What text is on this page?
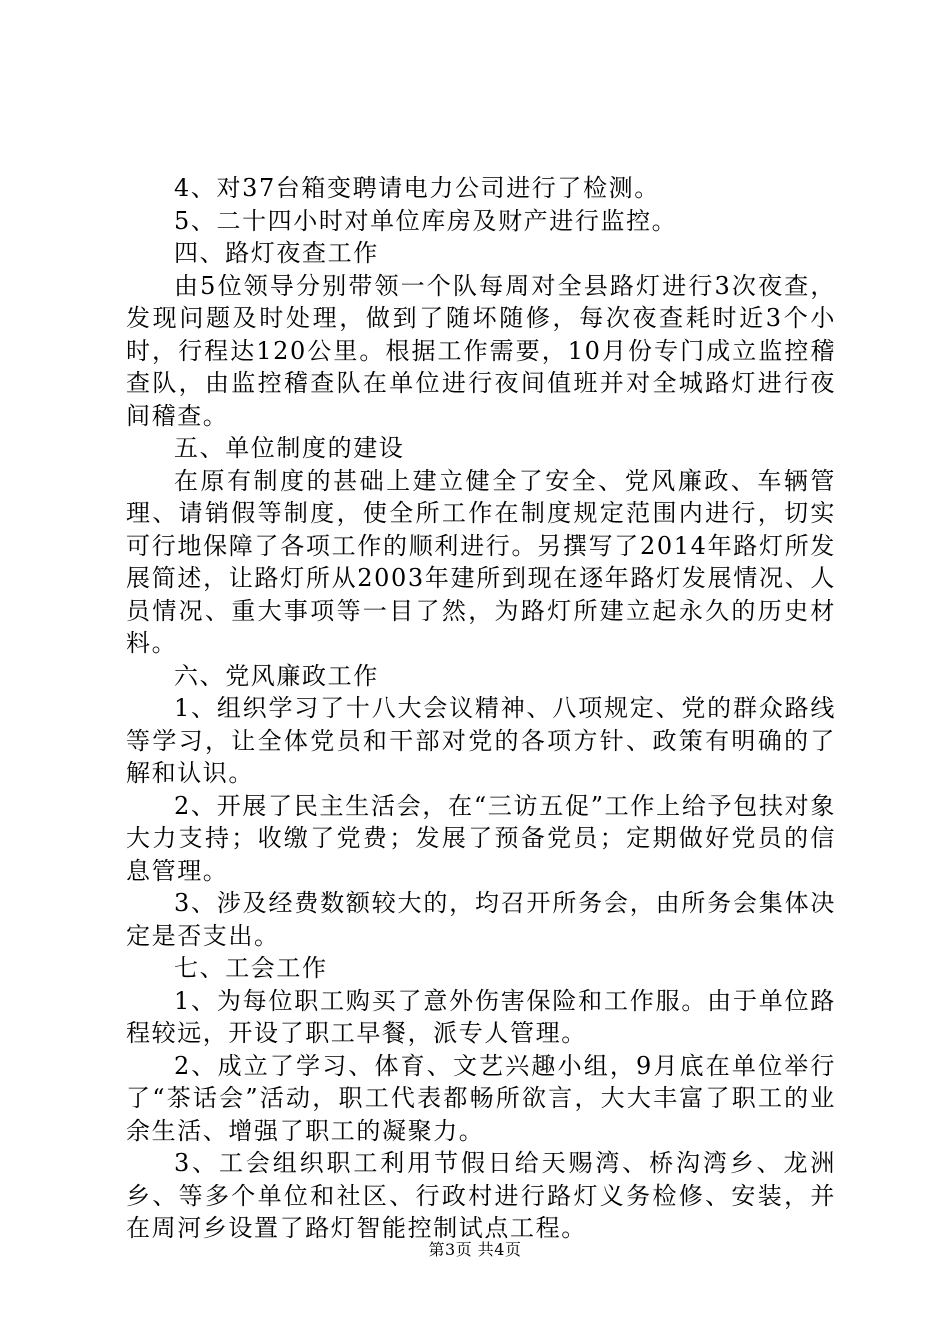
4、对37台箱变聘请电力公司进行了检测。

5、二十四小时对单位库房及财产进行监控。

四、路灯夜查工作

由5位领导分别带领一个队每周对全县路灯进行3次夜查，发现问题及时处理，做到了随坏随修，每次夜查耗时近3个小时，行程达120公里。根据工作需要，10月份专门成立监控稽查队，由监控稽查队在单位进行夜间值班并对全城路灯进行夜间稽查。

五、单位制度的建设

在原有制度的甚础上建立健全了安全、党风廉政、车辆管理、请销假等制度，使全所工作在制度规定范围内进行，切实可行地保障了各项工作的顺利进行。另撰写了2014年路灯所发展简述，让路灯所从2003年建所到现在逐年路灯发展情况、人员情况、重大事项等一目了然，为路灯所建立起永久的历史材料。

六、党风廉政工作

1、组织学习了十八大会议精神、八项规定、党的群众路线等学习，让全体党员和干部对党的各项方针、政策有明确的了解和认识。

2、开展了民主生活会，在“三访五促”工作上给予包扶对象大力支持；收缴了党费；发展了预备党员；定期做好党员的信息管理。

3、涉及经费数额较大的，均召开所务会，由所务会集体决定是否支出。

七、工会工作

1、为每位职工购买了意外伤害保险和工作服。由于单位路程较远，开设了职工早餐，派专人管理。

2、成立了学习、体育、文艺兴趣小组，9月底在单位举行了“茶话会”活动，职工代表都畅所欲言，大大丰富了职工的业余生活、增强了职工的凝聚力。

3、工会组织职工利用节假日给天赐湾、桥沟湾乡、龙洲乡、等多个单位和社区、行政村进行路灯义务检修、安装，并在周河乡设置了路灯智能控制试点工程。

第3页 共4页
